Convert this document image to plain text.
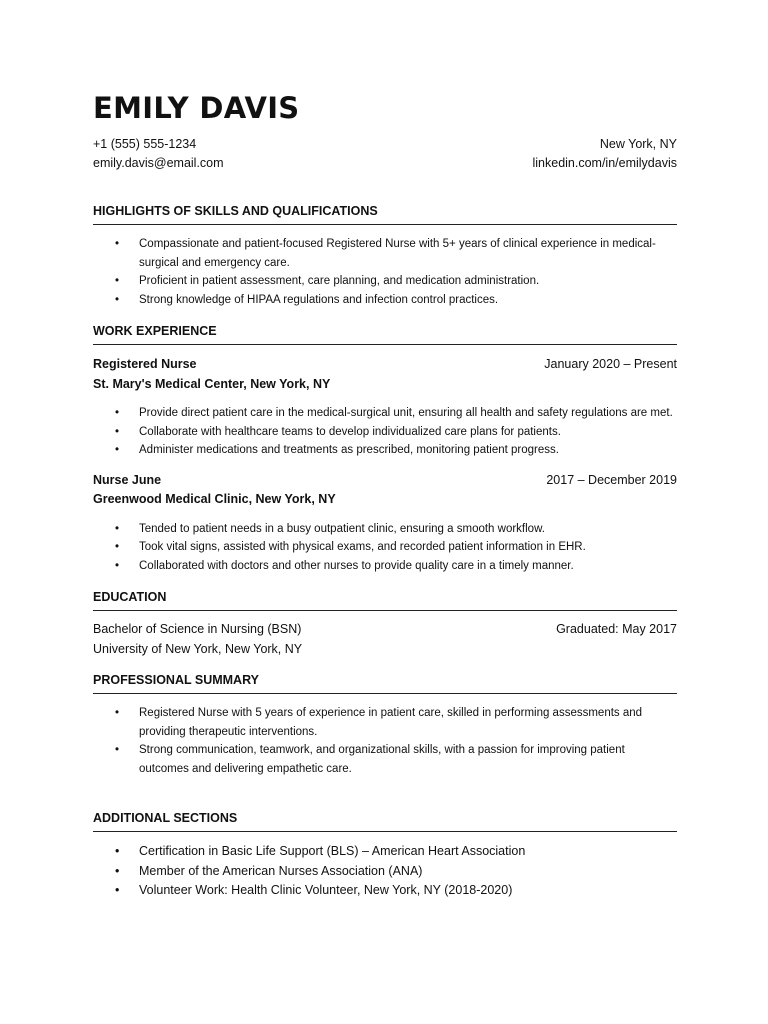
EMILY DAVIS
+1 (555) 555-1234	New York, NY
emily.davis@email.com	linkedin.com/in/emilydavis
HIGHLIGHTS OF SKILLS AND QUALIFICATIONS
• Compassionate and patient-focused Registered Nurse with 5+ years of clinical experience in medical-surgical and emergency care.
• Proficient in patient assessment, care planning, and medication administration.
• Strong knowledge of HIPAA regulations and infection control practices.
WORK EXPERIENCE
Registered Nurse	January 2020 – Present
St. Mary's Medical Center, New York, NY
• Provide direct patient care in the medical-surgical unit, ensuring all health and safety regulations are met.
• Collaborate with healthcare teams to develop individualized care plans for patients.
• Administer medications and treatments as prescribed, monitoring patient progress.
Nurse June	2017 – December 2019
Greenwood Medical Clinic, New York, NY
• Tended to patient needs in a busy outpatient clinic, ensuring a smooth workflow.
• Took vital signs, assisted with physical exams, and recorded patient information in EHR.
• Collaborated with doctors and other nurses to provide quality care in a timely manner.
EDUCATION
Bachelor of Science in Nursing (BSN)	Graduated: May 2017
University of New York, New York, NY
PROFESSIONAL SUMMARY
• Registered Nurse with 5 years of experience in patient care, skilled in performing assessments and providing therapeutic interventions.
• Strong communication, teamwork, and organizational skills, with a passion for improving patient outcomes and delivering empathetic care.
ADDITIONAL SECTIONS
• Certification in Basic Life Support (BLS) – American Heart Association
• Member of the American Nurses Association (ANA)
• Volunteer Work: Health Clinic Volunteer, New York, NY (2018-2020)
